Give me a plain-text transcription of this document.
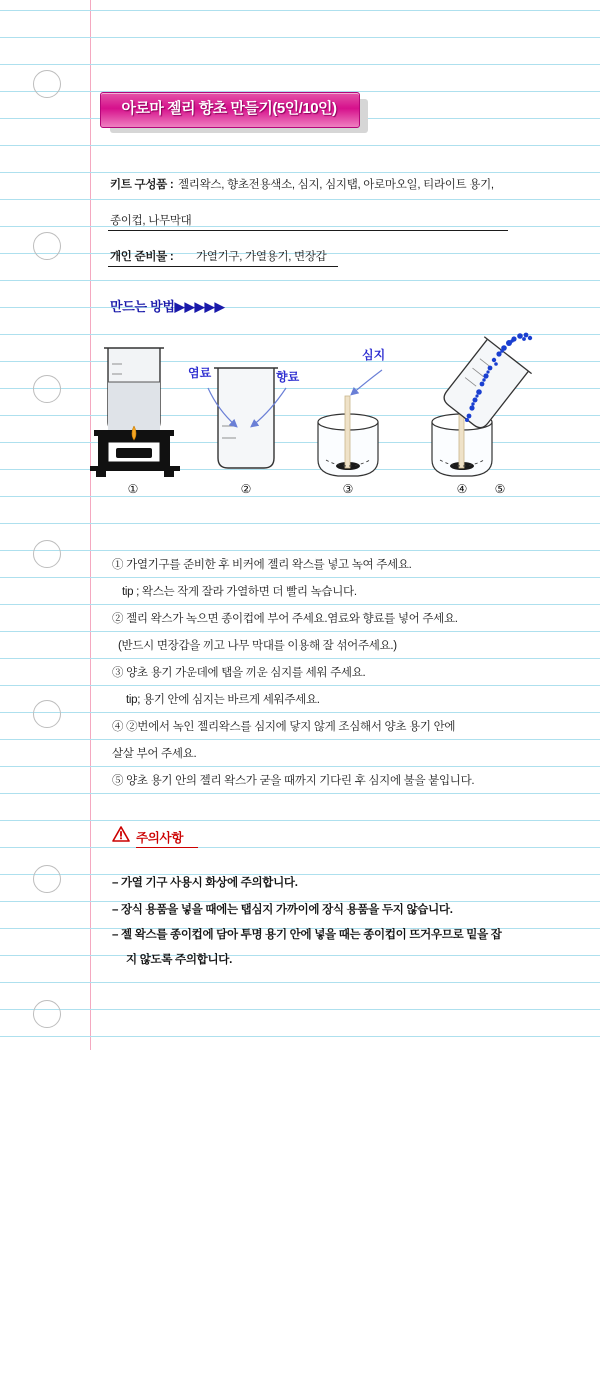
아로마 젤리 향초 만들기(5인/10인)
키트 구성품 : 젤리왁스, 향초전용색소, 심지, 심지탭, 아로마오일, 티라이트 용기,
종이컵, 나무막대
개인 준비물 : 가열기구, 가열용기, 면장갑
만드는 방법▶▶▶▶▶
염료	향료
심지
①	②	③	④	⑤
① 가열기구를 준비한 후 비커에 젤리 왁스를 넣고 녹여 주세요.
tip ; 왁스는 작게 잘라 가열하면 더 빨리 녹습니다.
② 젤리 왁스가 녹으면 종이컵에 부어 주세요.염료와 향료를 넣어 주세요.
(반드시 면장갑을 끼고 나무 막대를 이용해 잘 섞어주세요.)
③ 양초 용기 가운데에 탭을 끼운 심지를 세워 주세요.
tip; 용기 안에 심지는 바르게 세워주세요.
④ ②번에서 녹인 젤리왁스를 심지에 닿지 않게 조심해서 양초 용기 안에
살살 부어 주세요.
⑤ 양초 용기 안의 젤리 왁스가 굳을 때까지 기다린 후 심지에 불을 붙입니다.
주의사항
– 가열 기구 사용시 화상에 주의합니다.
– 장식 용품을 넣을 때에는 탭심지 가까이에 장식 용품을 두지 않습니다.
– 젤 왁스를 종이컵에 담아 투명 용기 안에 넣을 때는 종이컵이 뜨거우므로 밑을 잡
지 않도록 주의합니다.
